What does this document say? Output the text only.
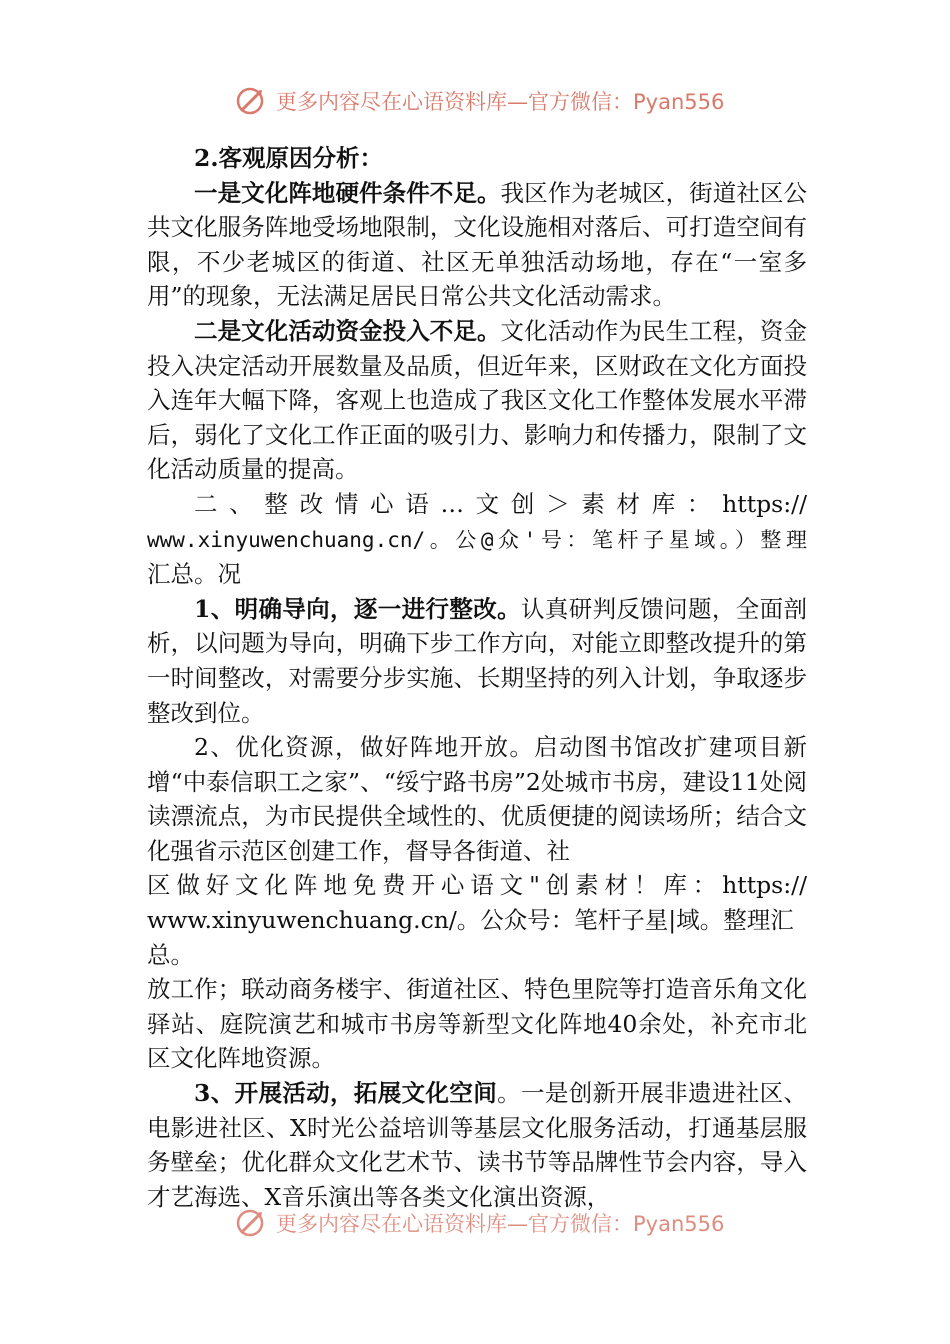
更多内容尽在心语资料库—官方微信：Pyan556

2.客观原因分析：

一是文化阵地硬件条件不足。我区作为老城区，街道社区公共文化服务阵地受场地限制，文化设施相对落后、可打造空间有限，不少老城区的街道、社区无单独活动场地，存在“一室多用”的现象，无法满足居民日常公共文化活动需求。

二是文化活动资金投入不足。文化活动作为民生工程，资金投入决定活动开展数量及品质，但近年来，区财政在文化方面投入连年大幅下降，客观上也造成了我区文化工作整体发展水平滞后，弱化了文化工作正面的吸引力、影响力和传播力，限制了文化活动质量的提高。

二、整改情心语…文创＞素材库：https://
www.xinyuwenchuang.cn/。公@众'号：笔杆子星域。）整理
汇总。况

1、明确导向，逐一进行整改。认真研判反馈问题，全面剖析，以问题为导向，明确下步工作方向，对能立即整改提升的第一时间整改，对需要分步实施、长期坚持的列入计划，争取逐步整改到位。

2、优化资源，做好阵地开放。启动图书馆改扩建项目新增“中泰信职工之家”、“绥宁路书房”2处城市书房，建设11处阅读漂流点，为市民提供全域性的、优质便捷的阅读场所；结合文化强省示范区创建工作，督导各街道、社

区做好文化阵地免费开心语文"创素材！库：https://
www.xinyuwenchuang.cn/。公众号：笔杆子星|域。整理汇总。

放工作；联动商务楼宇、街道社区、特色里院等打造音乐角文化驿站、庭院演艺和城市书房等新型文化阵地40余处，补充市北区文化阵地资源。

3、开展活动，拓展文化空间。一是创新开展非遗进社区、电影进社区、X时光公益培训等基层文化服务活动，打通基层服务壁垒；优化群众文化艺术节、读书节等品牌性节会内容，导入才艺海选、X音乐演出等各类文化演出资源，

更多内容尽在心语资料库—官方微信：Pyan556
